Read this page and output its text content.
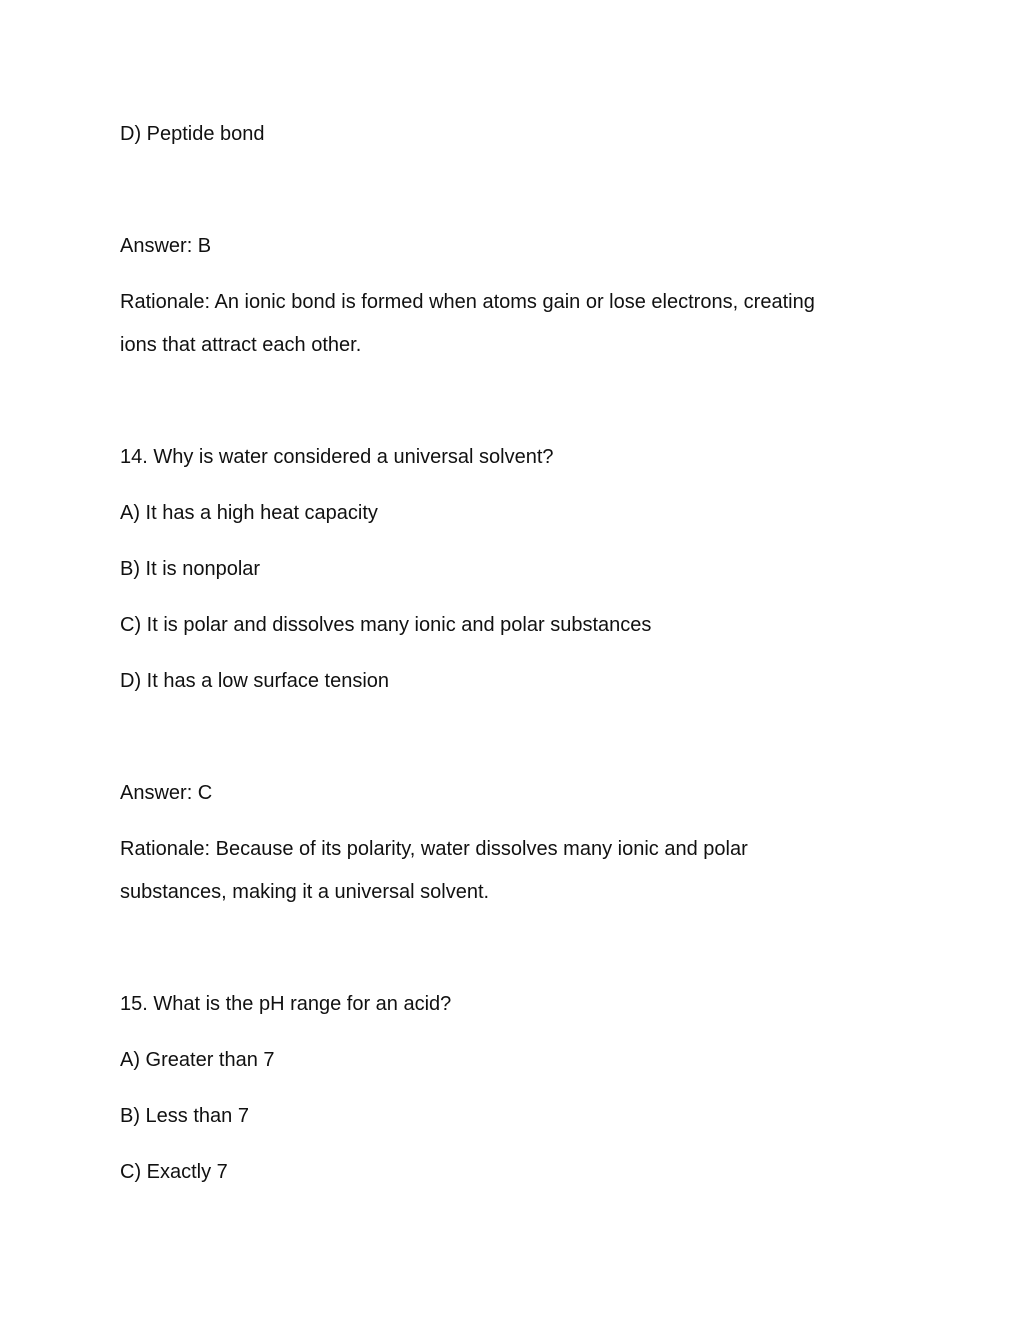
D) Peptide bond
Answer: B
Rationale: An ionic bond is formed when atoms gain or lose electrons, creating
ions that attract each other.
14. Why is water considered a universal solvent?
A) It has a high heat capacity
B) It is nonpolar
C) It is polar and dissolves many ionic and polar substances
D) It has a low surface tension
Answer: C
Rationale: Because of its polarity, water dissolves many ionic and polar
substances, making it a universal solvent.
15. What is the pH range for an acid?
A) Greater than 7
B) Less than 7
C) Exactly 7
